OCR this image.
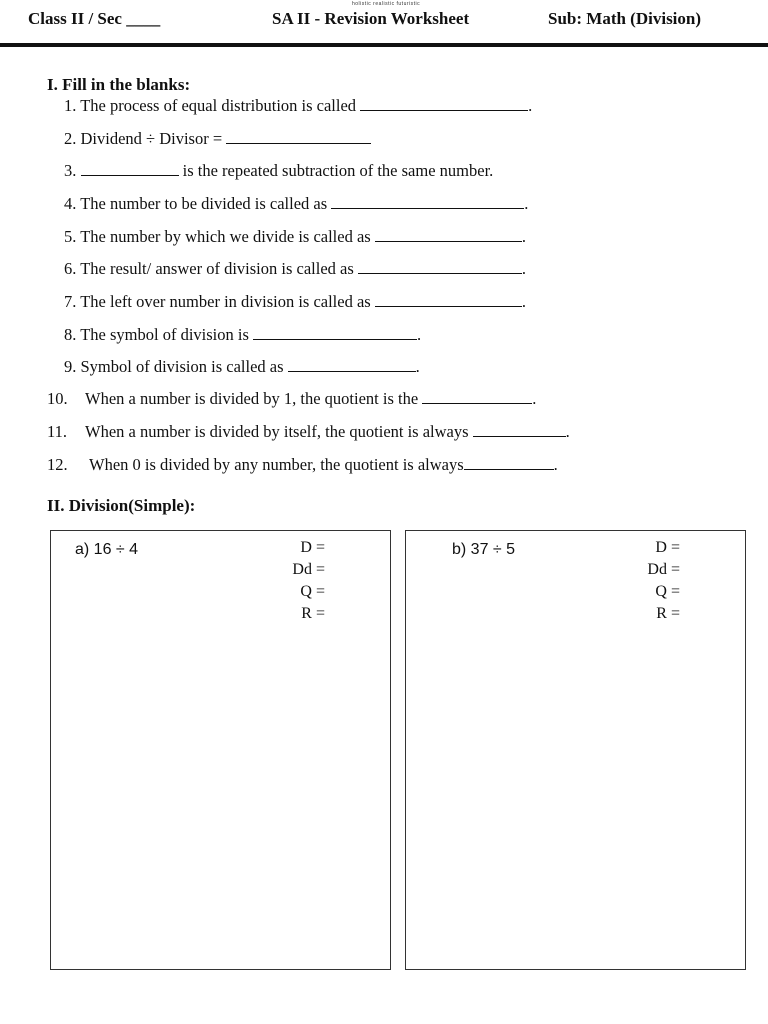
holistic realistic futuristic
Class II / Sec ____	SA II - Revision Worksheet	Sub: Math (Division)
I. Fill in the blanks:
1. The process of equal distribution is called	.
2. Dividend ÷ Divisor =
3.	is the repeated subtraction of the same number.
4. The number to be divided is called as	.
5. The number by which we divide is called as	.
6. The result/ answer of division is called as	.
7. The left over number in division is called as	.
8. The symbol of division is	.
9. Symbol of division is called as	.
10. When a number is divided by 1, the quotient is the	.
11. When a number is divided by itself, the quotient is always	.
12. When 0 is divided by any number, the quotient is always	.
II. Division(Simple):
a) 16 ÷ 4	D =
Dd =
Q =
R =
b) 37 ÷ 5	D =
Dd =
Q =
R =
